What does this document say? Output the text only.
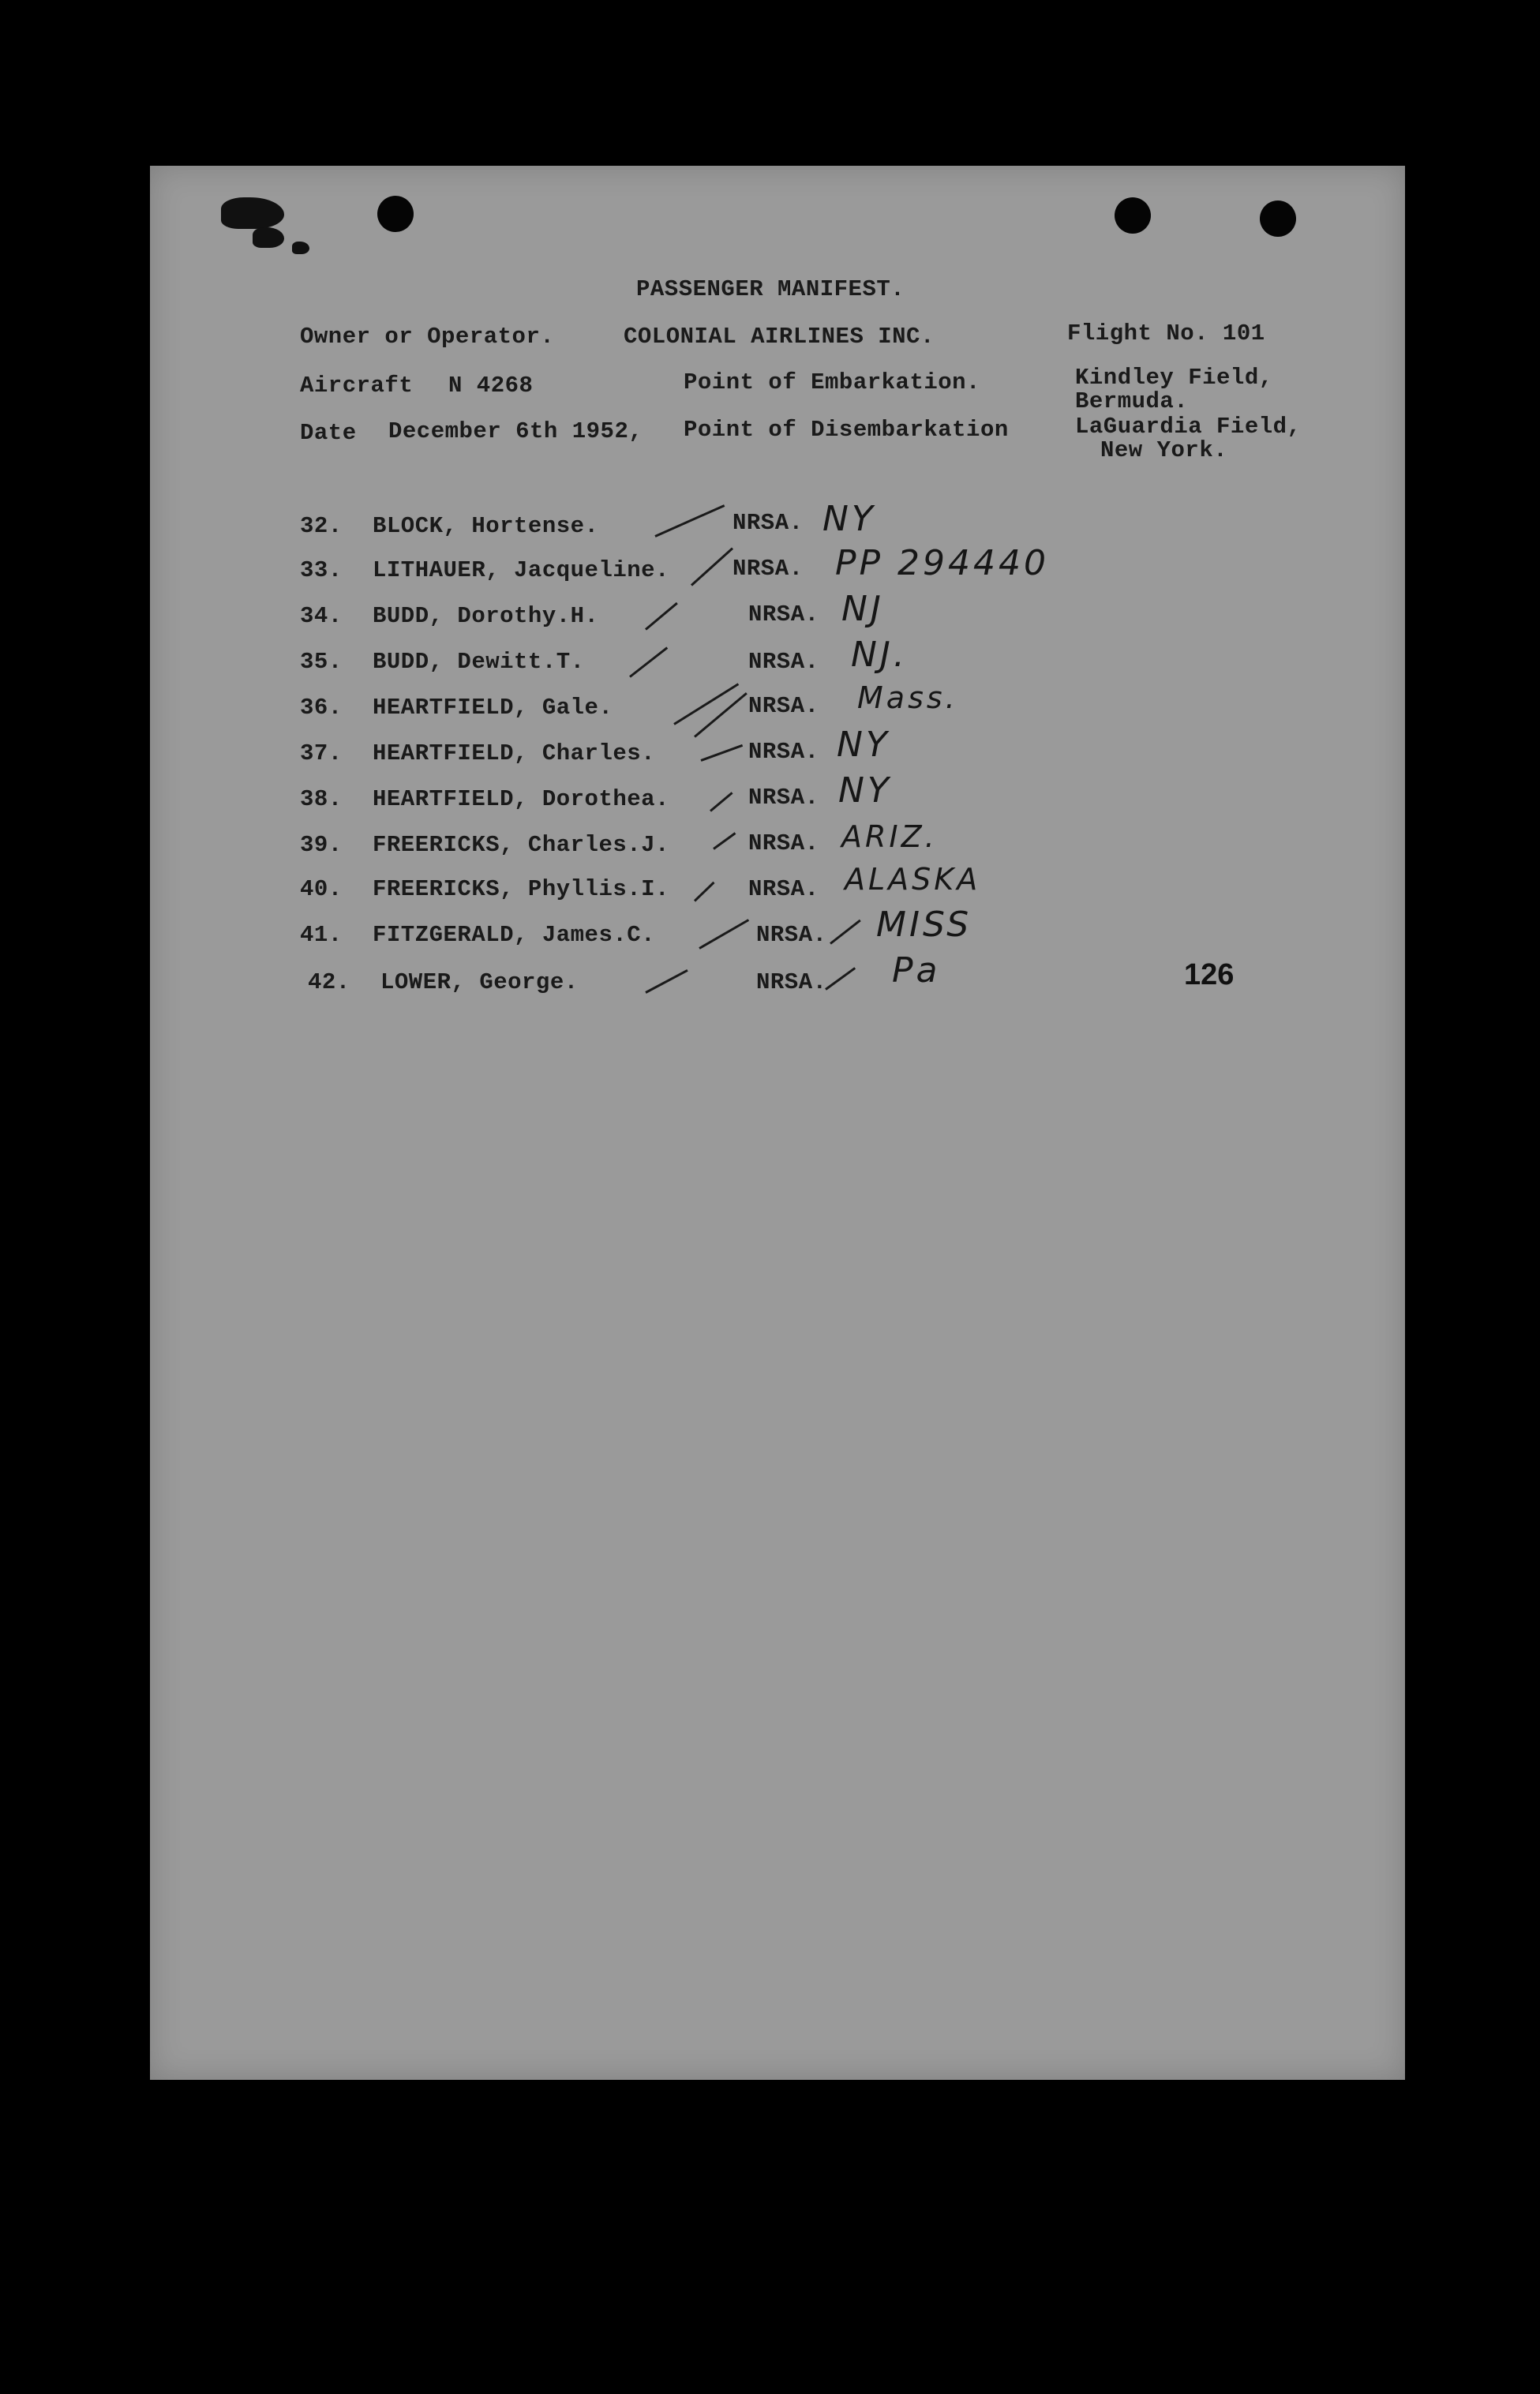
PASSENGER MANIFEST.
Owner or Operator.	COLONIAL AIRLINES INC.	Flight No. 101
Aircraft N 4268	Point of Embarkation.	Kindley Field,
Bermuda.
Date December 6th 1952, Point of Disembarkation	LaGuardia Field,
New York.
32. BLOCK, Hortense.	NRSA. NY
33. LITHAUER, Jacqueline.	NRSA. PP 294440
34. BUDD, Dorothy.H.	NRSA. NJ
35. BUDD, Dewitt.T.	NRSA. NJ.
36. HEARTFIELD, Gale.	NRSA. Mass.
37. HEARTFIELD, Charles.	NRSA. NY
38. HEARTFIELD, Dorothea.	NRSA. NY
39. FREERICKS, Charles.J.	NRSA. ARIZ.
40. FREERICKS, Phyllis.I.	NRSA. ALASKA
41. FITZGERALD, James.C.	NRSA. MISS
42. LOWER, George.	NRSA. Pa	126
